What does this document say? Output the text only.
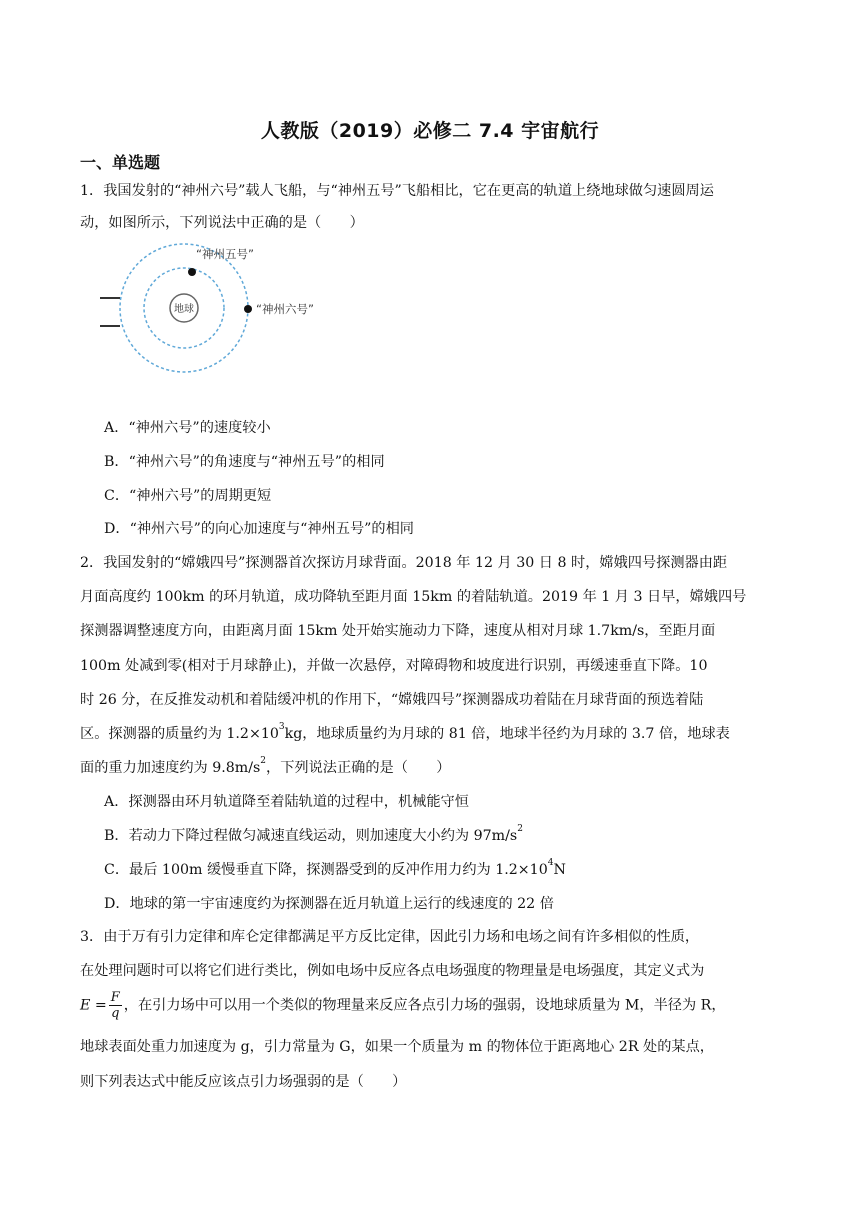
人教版（2019）必修二 7.4 宇宙航行
一、单选题
1．我国发射的“神州六号”载人飞船，与“神州五号”飞船相比，它在更高的轨道上绕地球做匀速圆周运
动，如图所示，下列说法中正确的是（　　）
地球
“神州五号”
“神州六号”
A．“神州六号”的速度较小
B．“神州六号”的角速度与“神州五号”的相同
C．“神州六号”的周期更短
D．“神州六号”的向心加速度与“神州五号”的相同
2．我国发射的“嫦娥四号”探测器首次探访月球背面。2018 年 12 月 30 日 8 时，嫦娥四号探测器由距
月面高度约 100km 的环月轨道，成功降轨至距月面 15km 的着陆轨道。2019 年 1 月 3 日早，嫦娥四号
探测器调整速度方向，由距离月面 15km 处开始实施动力下降，速度从相对月球 1.7km/s，至距月面
100m 处减到零(相对于月球静止)，并做一次悬停，对障碍物和坡度进行识别，再缓速垂直下降。10
时 26 分，在反推发动机和着陆缓冲机的作用下，“嫦娥四号”探测器成功着陆在月球背面的预选着陆
区。探测器的质量约为 $1.2\times 10^3kg$，地球质量约为月球的 81 倍，地球半径约为月球的 3.7 倍，地球表
面的重力加速度约为 $9.8m/s^2$，下列说法正确的是（　　）
A．探测器由环月轨道降至着陆轨道的过程中，机械能守恒
B．若动力下降过程做匀减速直线运动，则加速度大小约为 $97m/s^2$
C．最后 100m 缓慢垂直下降，探测器受到的反冲作用力约为 $1.2\times 10^4N$
D．地球的第一宇宙速度约为探测器在近月轨道上运行的线速度的 22 倍
3．由于万有引力定律和库仑定律都满足平方反比定律，因此引力场和电场之间有许多相似的性质，
在处理问题时可以将它们进行类比，例如电场中反应各点电场强度的物理量是电场强度，其定义式为
$E = \frac{F}{q}$ ，在引力场中可以用一个类似的物理量来反应各点引力场的强弱，设地球质量为 M，半径为 R，
地球表面处重力加速度为 g，引力常量为 G，如果一个质量为 m 的物体位于距离地心 2R 处的某点，
则下列表达式中能反应该点引力场强弱的是（　　）
